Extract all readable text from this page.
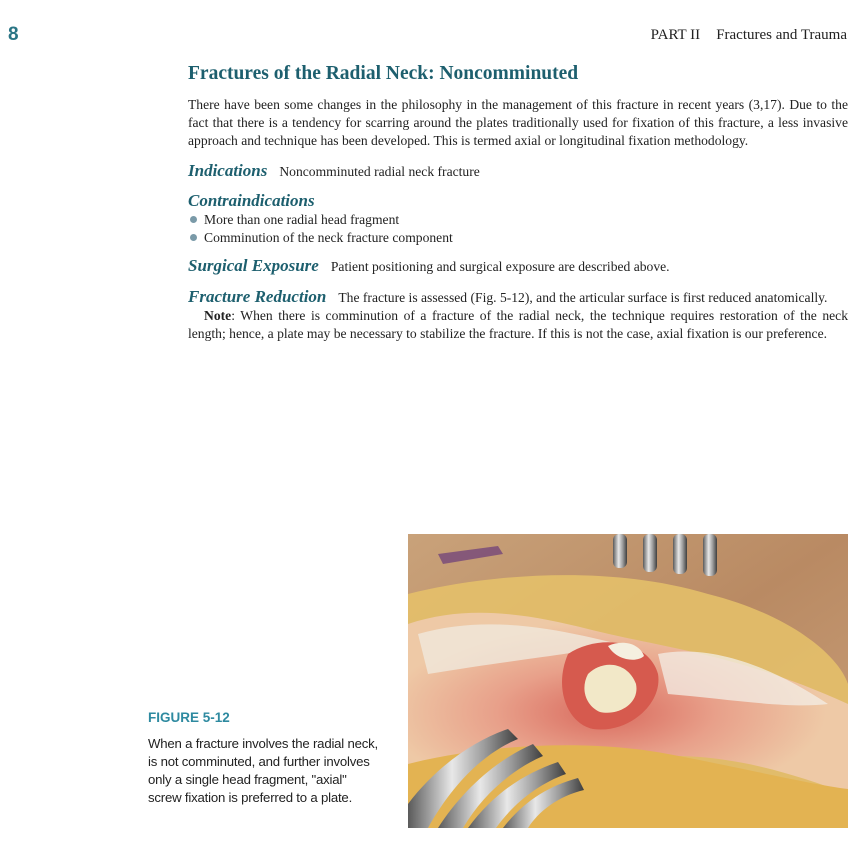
8	PART II Fractures and Trauma
Fractures of the Radial Neck: Noncomminuted

There have been some changes in the philosophy in the management of this fracture in recent years (3,17). Due to the fact that there is a tendency for scarring around the plates traditionally used for fixation of this fracture, a less invasive approach and technique has been developed. This is termed axial or longitudinal fixation methodology.

Indications Noncomminuted radial neck fracture

Contraindications
More than one radial head fragment
Comminution of the neck fracture component

Surgical Exposure Patient positioning and surgical exposure are described above.

Fracture Reduction The fracture is assessed (Fig. 5-12), and the articular surface is first reduced anatomically.

Note: When there is comminution of a fracture of the radial neck, the technique requires restoration of the neck length; hence, a plate may be necessary to stabilize the fracture. If this is not the case, axial fixation is our preference.

FIGURE 5-12
When a fracture involves the radial neck, is not comminuted, and further involves only a single head fragment, "axial" screw fixation is preferred to a plate.
